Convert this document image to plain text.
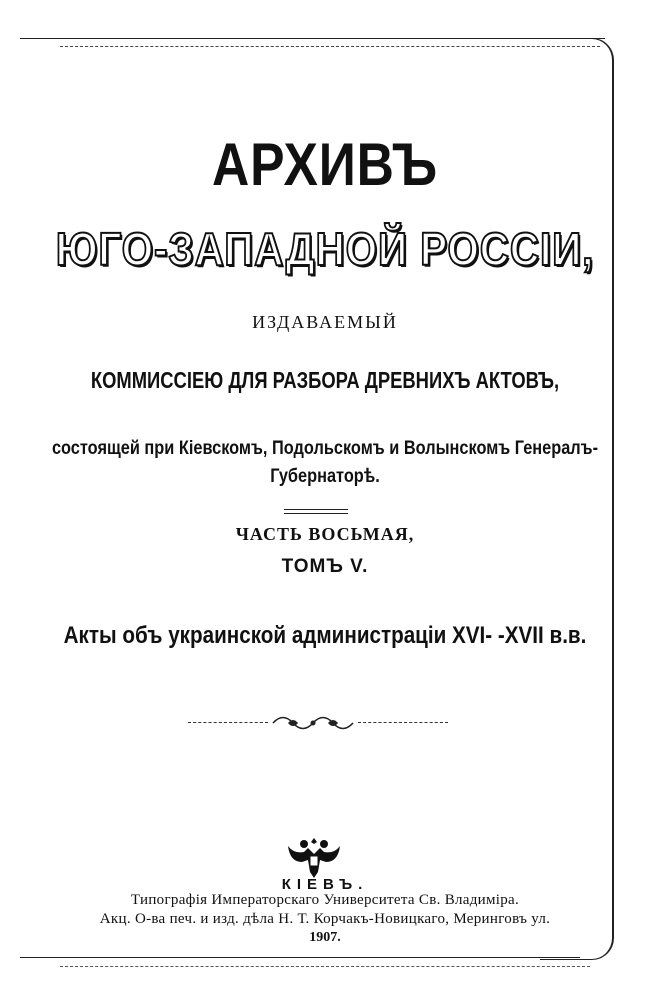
АРХИВЪ
ЮГО-ЗАПАДНОЙ РОССІИ,
ИЗДАВАЕМЫЙ
КОММИССІЕЮ ДЛЯ РАЗБОРА ДРЕВНИХЪ АКТОВЪ,
состоящей при Кіевскомъ, Подольскомъ и Волынскомъ Генералъ-
Губернаторѣ.
ЧАСТЬ ВОСЬМАЯ,
ТОМЪ V.
Акты объ украинской администраціи XVI- -XVII в.в.
КІЕВЪ.
Типографія Императорскаго Университета Св. Владиміра.
Акц. О-ва печ. и изд. дѣла Н. Т. Корчакъ-Новицкаго, Меринговъ ул.
1907.
